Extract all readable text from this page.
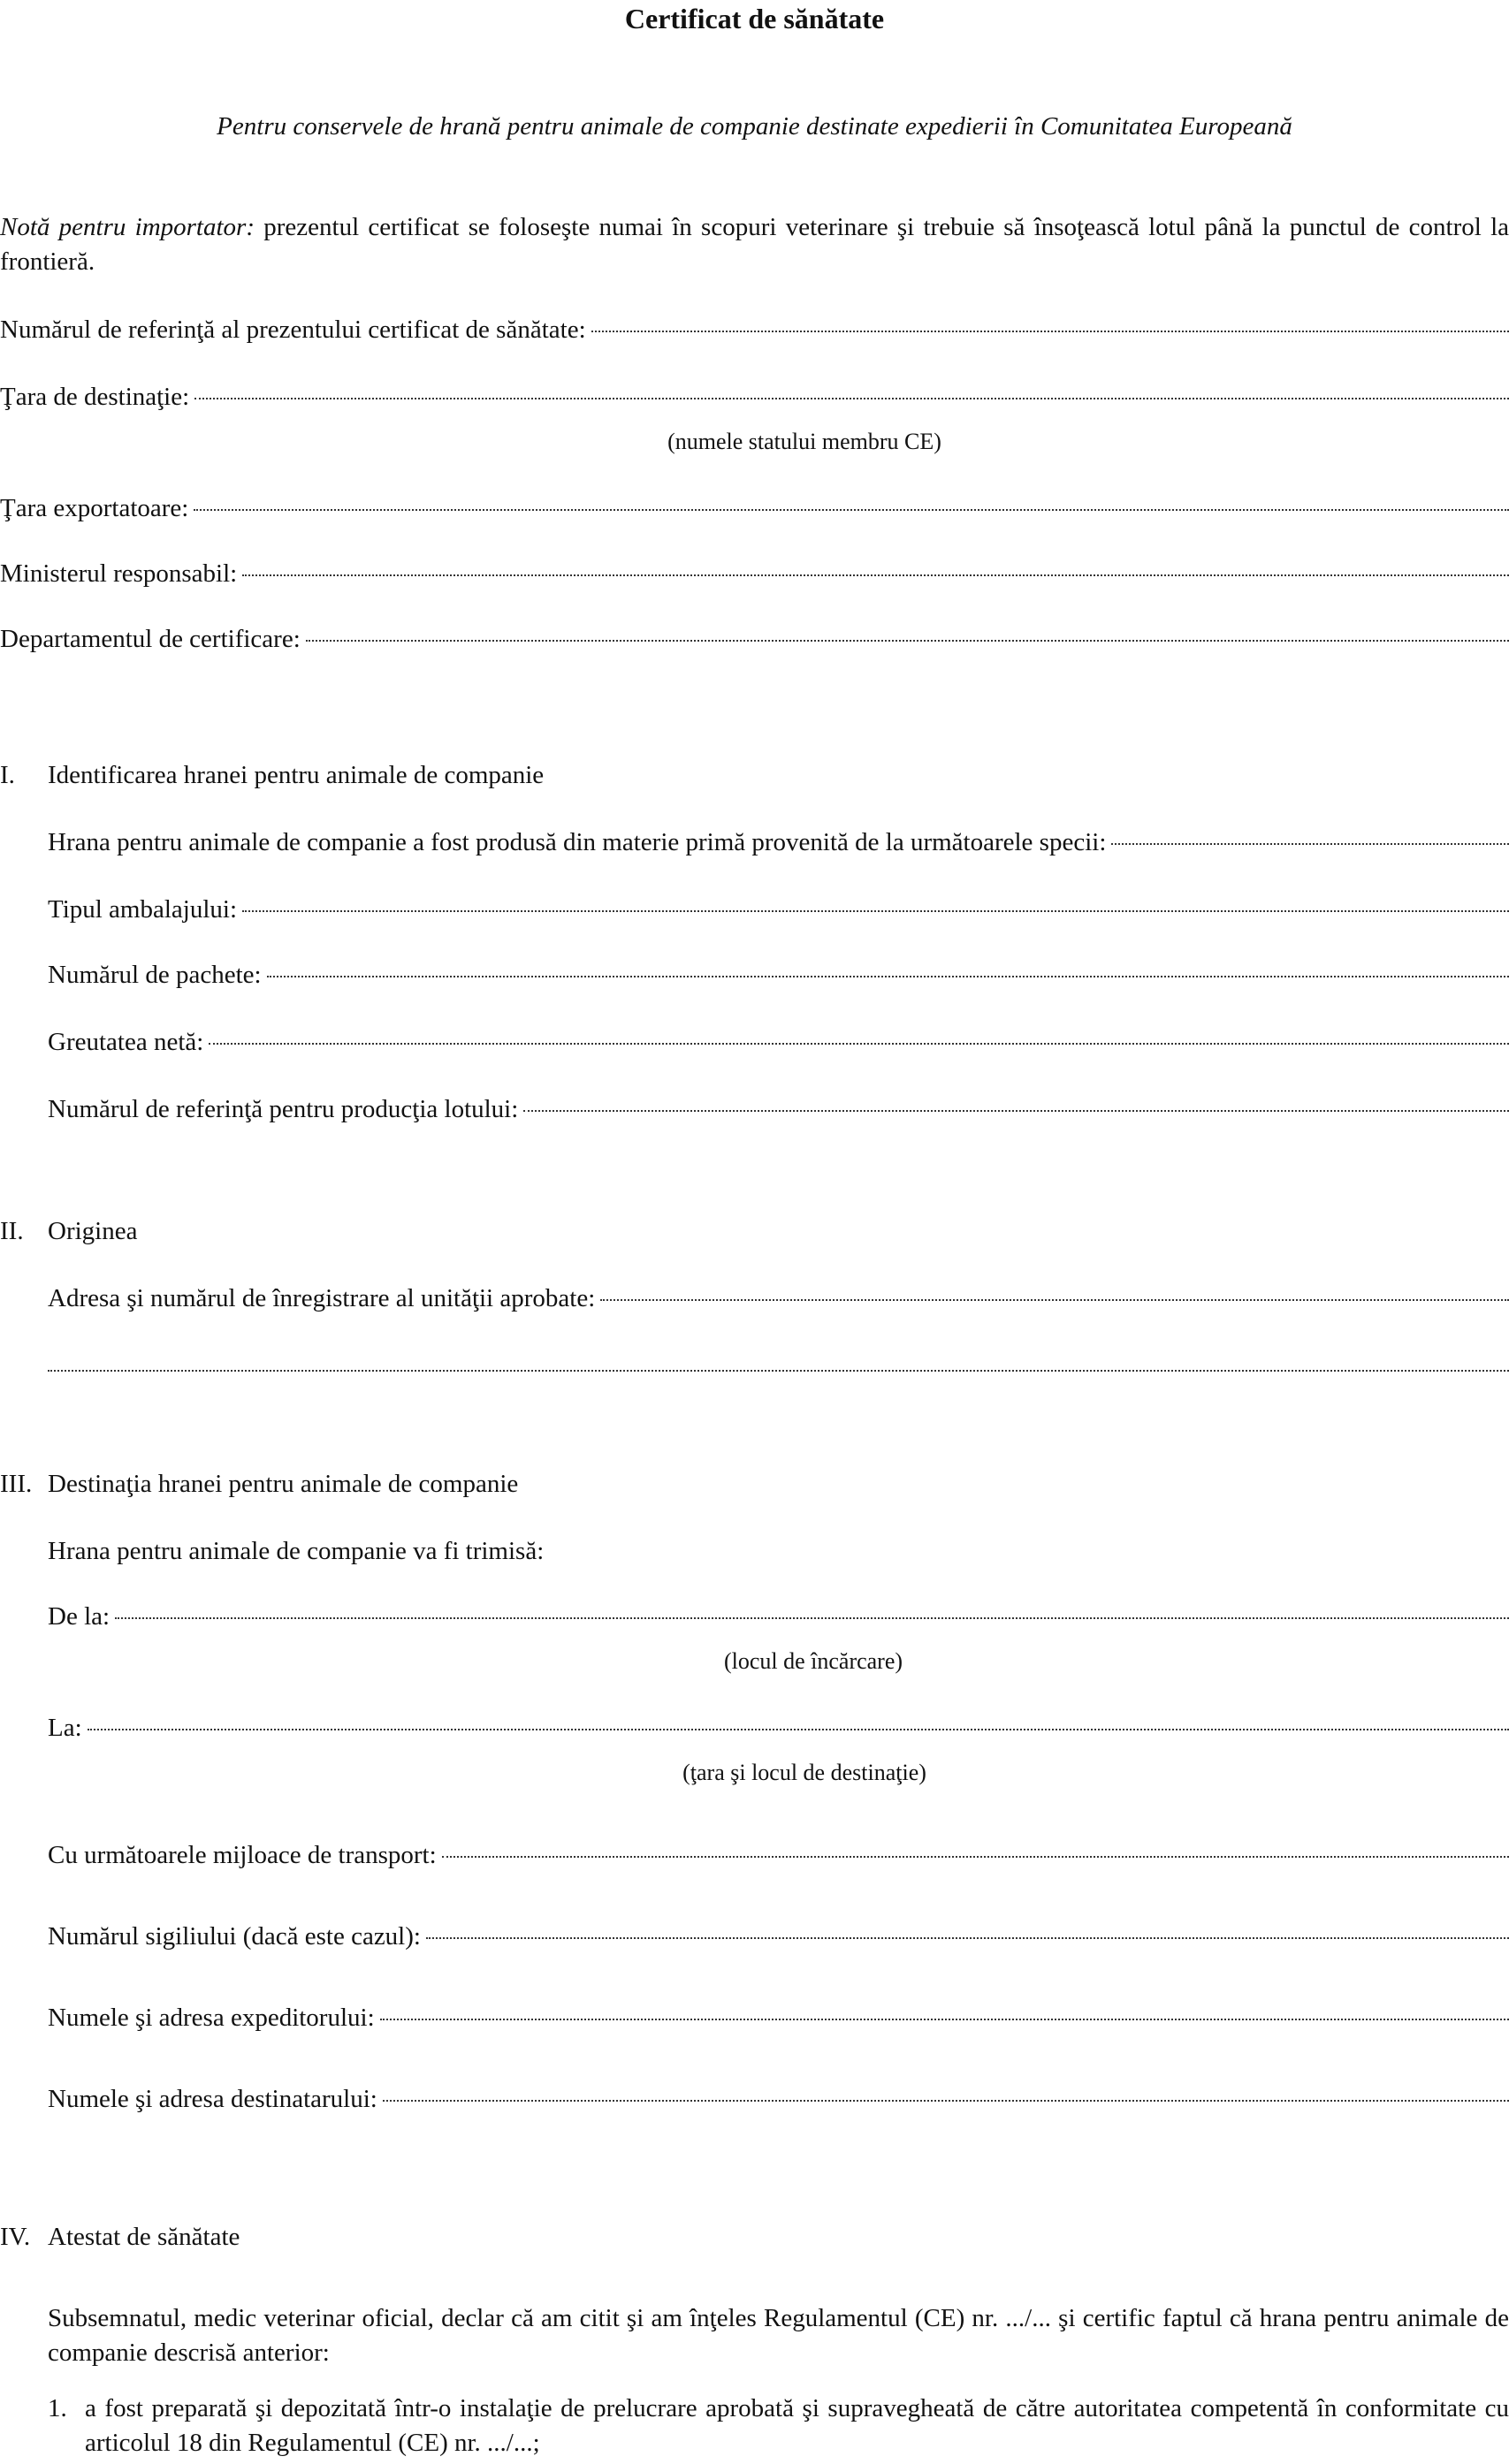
Certificat de sănătate
Pentru conservele de hrană pentru animale de companie destinate expedierii în Comunitatea Europeană
Notă pentru importator: prezentul certificat se foloseşte numai în scopuri veterinare şi trebuie să însoţească lotul până la punctul de control la frontieră.
Numărul de referinţă al prezentului certificat de sănătate:
Ţara de destinaţie:
(numele statului membru CE)
Ţara exportatoare:
Ministerul responsabil:
Departamentul de certificare:
I.	Identificarea hranei pentru animale de companie
Hrana pentru animale de companie a fost produsă din materie primă provenită de la următoarele specii:
Tipul ambalajului:
Numărul de pachete:
Greutatea netă:
Numărul de referinţă pentru producţia lotului:
II. Originea
Adresa şi numărul de înregistrare al unităţii aprobate:
III. Destinaţia hranei pentru animale de companie
Hrana pentru animale de companie va fi trimisă:
De la:
(locul de încărcare)
La:
(ţara şi locul de destinaţie)
Cu următoarele mijloace de transport:
Numărul sigiliului (dacă este cazul):
Numele şi adresa expeditorului:
Numele şi adresa destinatarului:
IV. Atestat de sănătate
Subsemnatul, medic veterinar oficial, declar că am citit şi am înţeles Regulamentul (CE) nr. .../... şi certific faptul că hrana pentru animale de companie descrisă anterior:
1. a fost preparată şi depozitată într-o instalaţie de prelucrare aprobată şi supravegheată de către autoritatea competentă în conformitate cu articolul 18 din Regulamentul (CE) nr. .../...;
